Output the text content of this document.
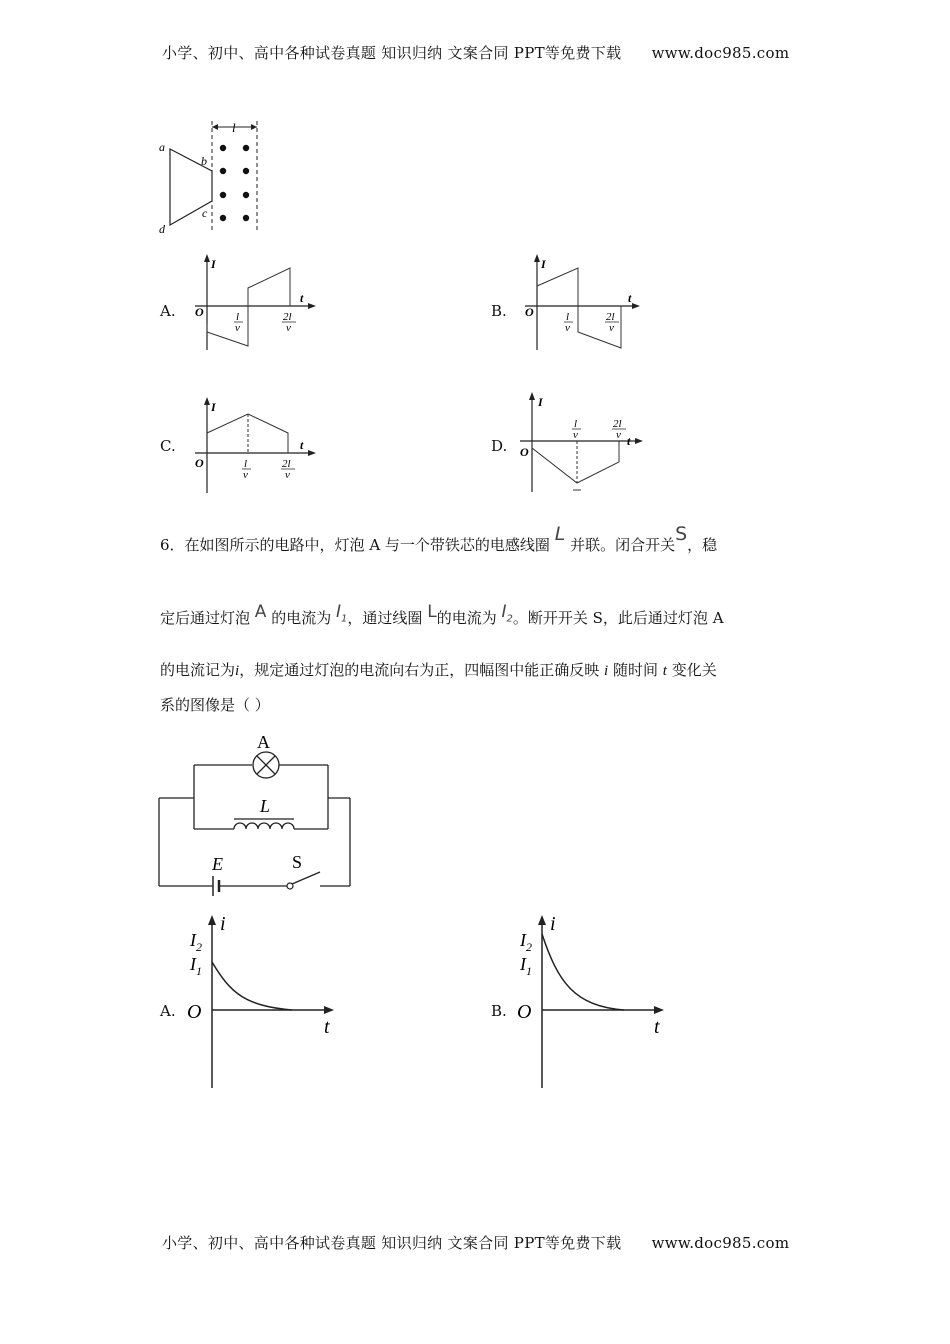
小学、初中、高中各种试卷真题 知识归纳 文案合同 PPT等免费下载 www.doc985.com
l
a
b
c
d
A.
I
t
O	l
v
2l
v
B.
I
t
O	l
v
2l
v
C.
I
t
O	l
v
2l
v
D.
I
t
O
l
v
2l
v
6．在如图所示的电路中，灯泡 A 与一个带铁芯的电感线圈 L 并联。闭合开关S，稳
定后通过灯泡 A 的电流为 $I_1$，通过线圈 L的电流为 $I_2$。断开开关 S，此后通过灯泡 A
的电流记为i，规定通过灯泡的电流向右为正，四幅图中能正确反映 i 随时间 t 变化关
系的图像是（ ）
A
L
E	S
A.
i
t
O
$I_2$
$I_1$
B.
i
t
O
$I_2$
$I_1$
小学、初中、高中各种试卷真题 知识归纳 文案合同 PPT等免费下载 www.doc985.com
